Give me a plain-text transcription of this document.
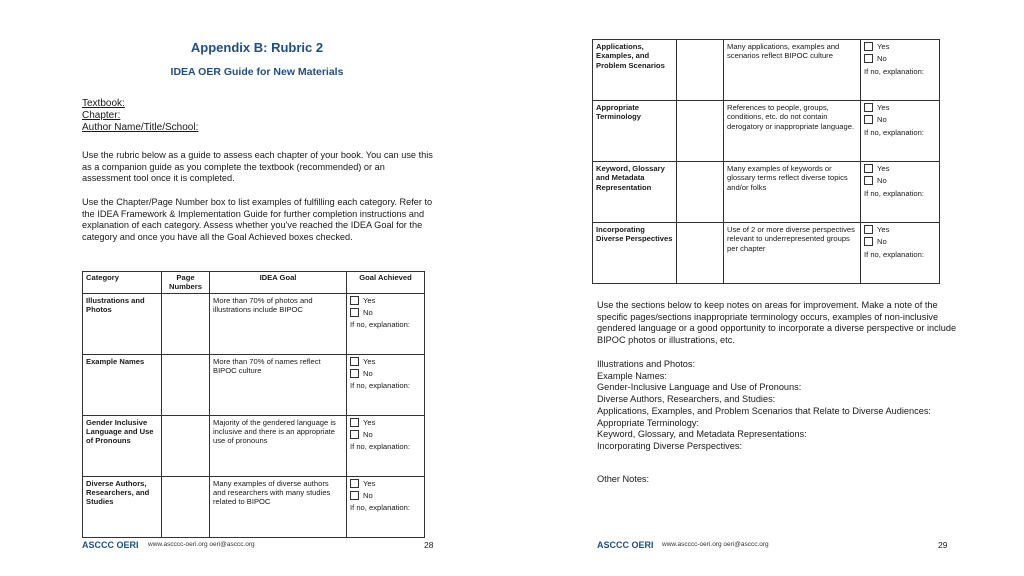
Appendix B: Rubric 2
IDEA OER Guide for New Materials
Textbook:
Chapter:
Author Name/Title/School:

Use the rubric below as a guide to assess each chapter of your book. You can use this as a companion guide as you complete the textbook (recommended) or an assessment tool once it is completed.

Use the Chapter/Page Number box to list examples of fulfilling each category. Refer to the IDEA Framework & Implementation Guide for further completion instructions and explanation of each category. Assess whether you've reached the IDEA Goal for the category and once you have all the Goal Achieved boxes checked.

Category	Page Numbers	IDEA Goal	Goal Achieved
Illustrations and Photos		More than 70% of photos and illustrations include BIPOC	Yes
No
If no, explanation:

Example Names		More than 70% of names reflect BIPOC culture	Yes
No
If no, explanation:

Gender Inclusive Language and Use of Pronouns		Majority of the gendered language is inclusive and there is an appropriate use of pronouns	Yes
No
If no, explanation:

Diverse Authors, Researchers, and Studies		Many examples of diverse authors and researchers with many studies related to BIPOC	Yes
No
If no, explanation:
ASCCC OERI www.ascccc-oeri.org oeri@asccc.org	28
Applications, Examples, and Problem Scenarios		Many applications, examples and scenarios reflect BIPOC culture	Yes
No
If no, explanation:

Appropriate Terminology		References to people, groups, conditions, etc. do not contain derogatory or inappropriate language.	Yes
No
If no, explanation:

Keyword, Glossary and Metadata Representation		Many examples of keywords or glossary terms reflect diverse topics and/or folks	Yes
No
If no, explanation:

Incorporating Diverse Perspectives		Use of 2 or more diverse perspectives relevant to underrepresented groups per chapter	Yes
No
If no, explanation:

Use the sections below to keep notes on areas for improvement. Make a note of the specific pages/sections inappropriate terminology occurs, examples of non-inclusive gendered language or a good opportunity to incorporate a diverse perspective or include BIPOC photos or illustrations, etc.

Illustrations and Photos:
Example Names:
Gender-Inclusive Language and Use of Pronouns:
Diverse Authors, Researchers, and Studies:
Applications, Examples, and Problem Scenarios that Relate to Diverse Audiences:
Appropriate Terminology:
Keyword, Glossary, and Metadata Representations:
Incorporating Diverse Perspectives:
Other Notes:
ASCCC OERI www.ascccc-oeri.org oeri@asccc.org	29
